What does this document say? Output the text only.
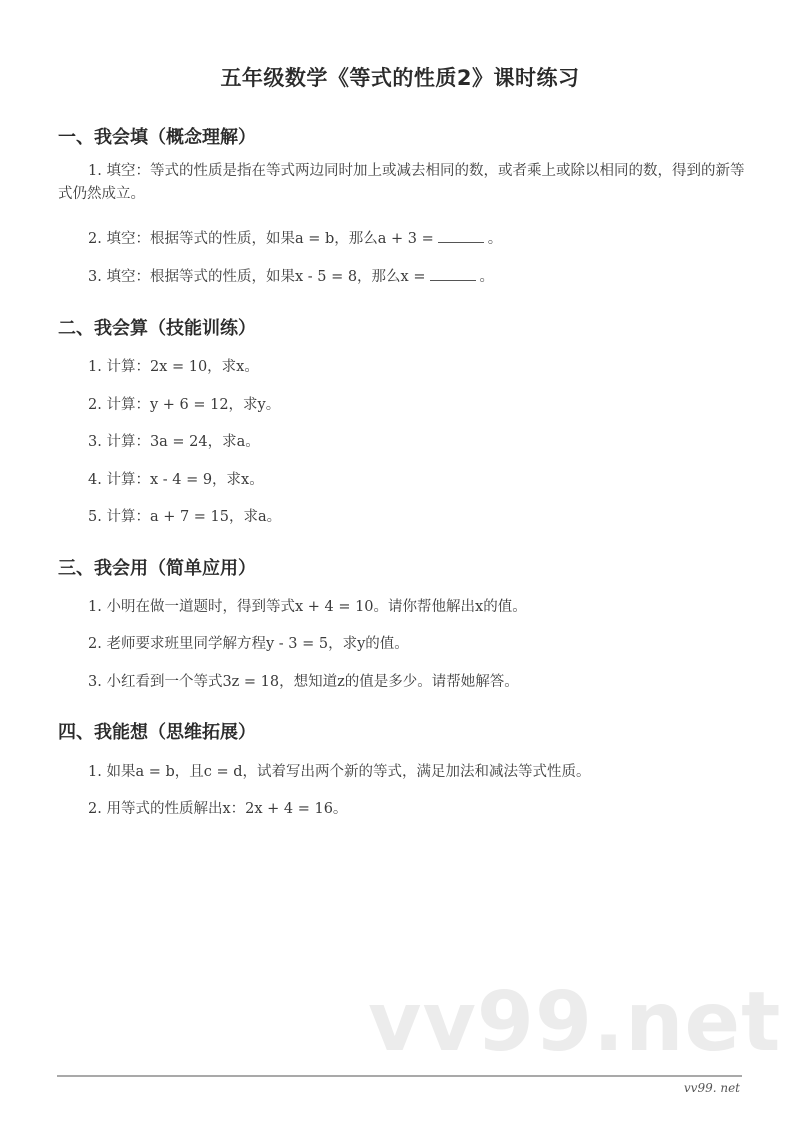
五年级数学《等式的性质2》课时练习
一、我会填（概念理解）
1. 填空：等式的性质是指在等式两边同时加上或减去相同的数，或者乘上或除以相同的数，得到的新等式仍然成立。
2. 填空：根据等式的性质，如果a = b，那么a + 3 =	。
3. 填空：根据等式的性质，如果x - 5 = 8，那么x =	。
二、我会算（技能训练）
1. 计算：2x = 10，求x。
2. 计算：y + 6 = 12，求y。
3. 计算：3a = 24，求a。
4. 计算：x - 4 = 9，求x。
5. 计算：a + 7 = 15，求a。
三、我会用（简单应用）
1. 小明在做一道题时，得到等式x + 4 = 10。请你帮他解出x的值。
2. 老师要求班里同学解方程y - 3 = 5，求y的值。
3. 小红看到一个等式3z = 18，想知道z的值是多少。请帮她解答。
四、我能想（思维拓展）
1. 如果a = b，且c = d，试着写出两个新的等式，满足加法和减法等式性质。
2. 用等式的性质解出x：2x + 4 = 16。
vv99.net
vv99. net
